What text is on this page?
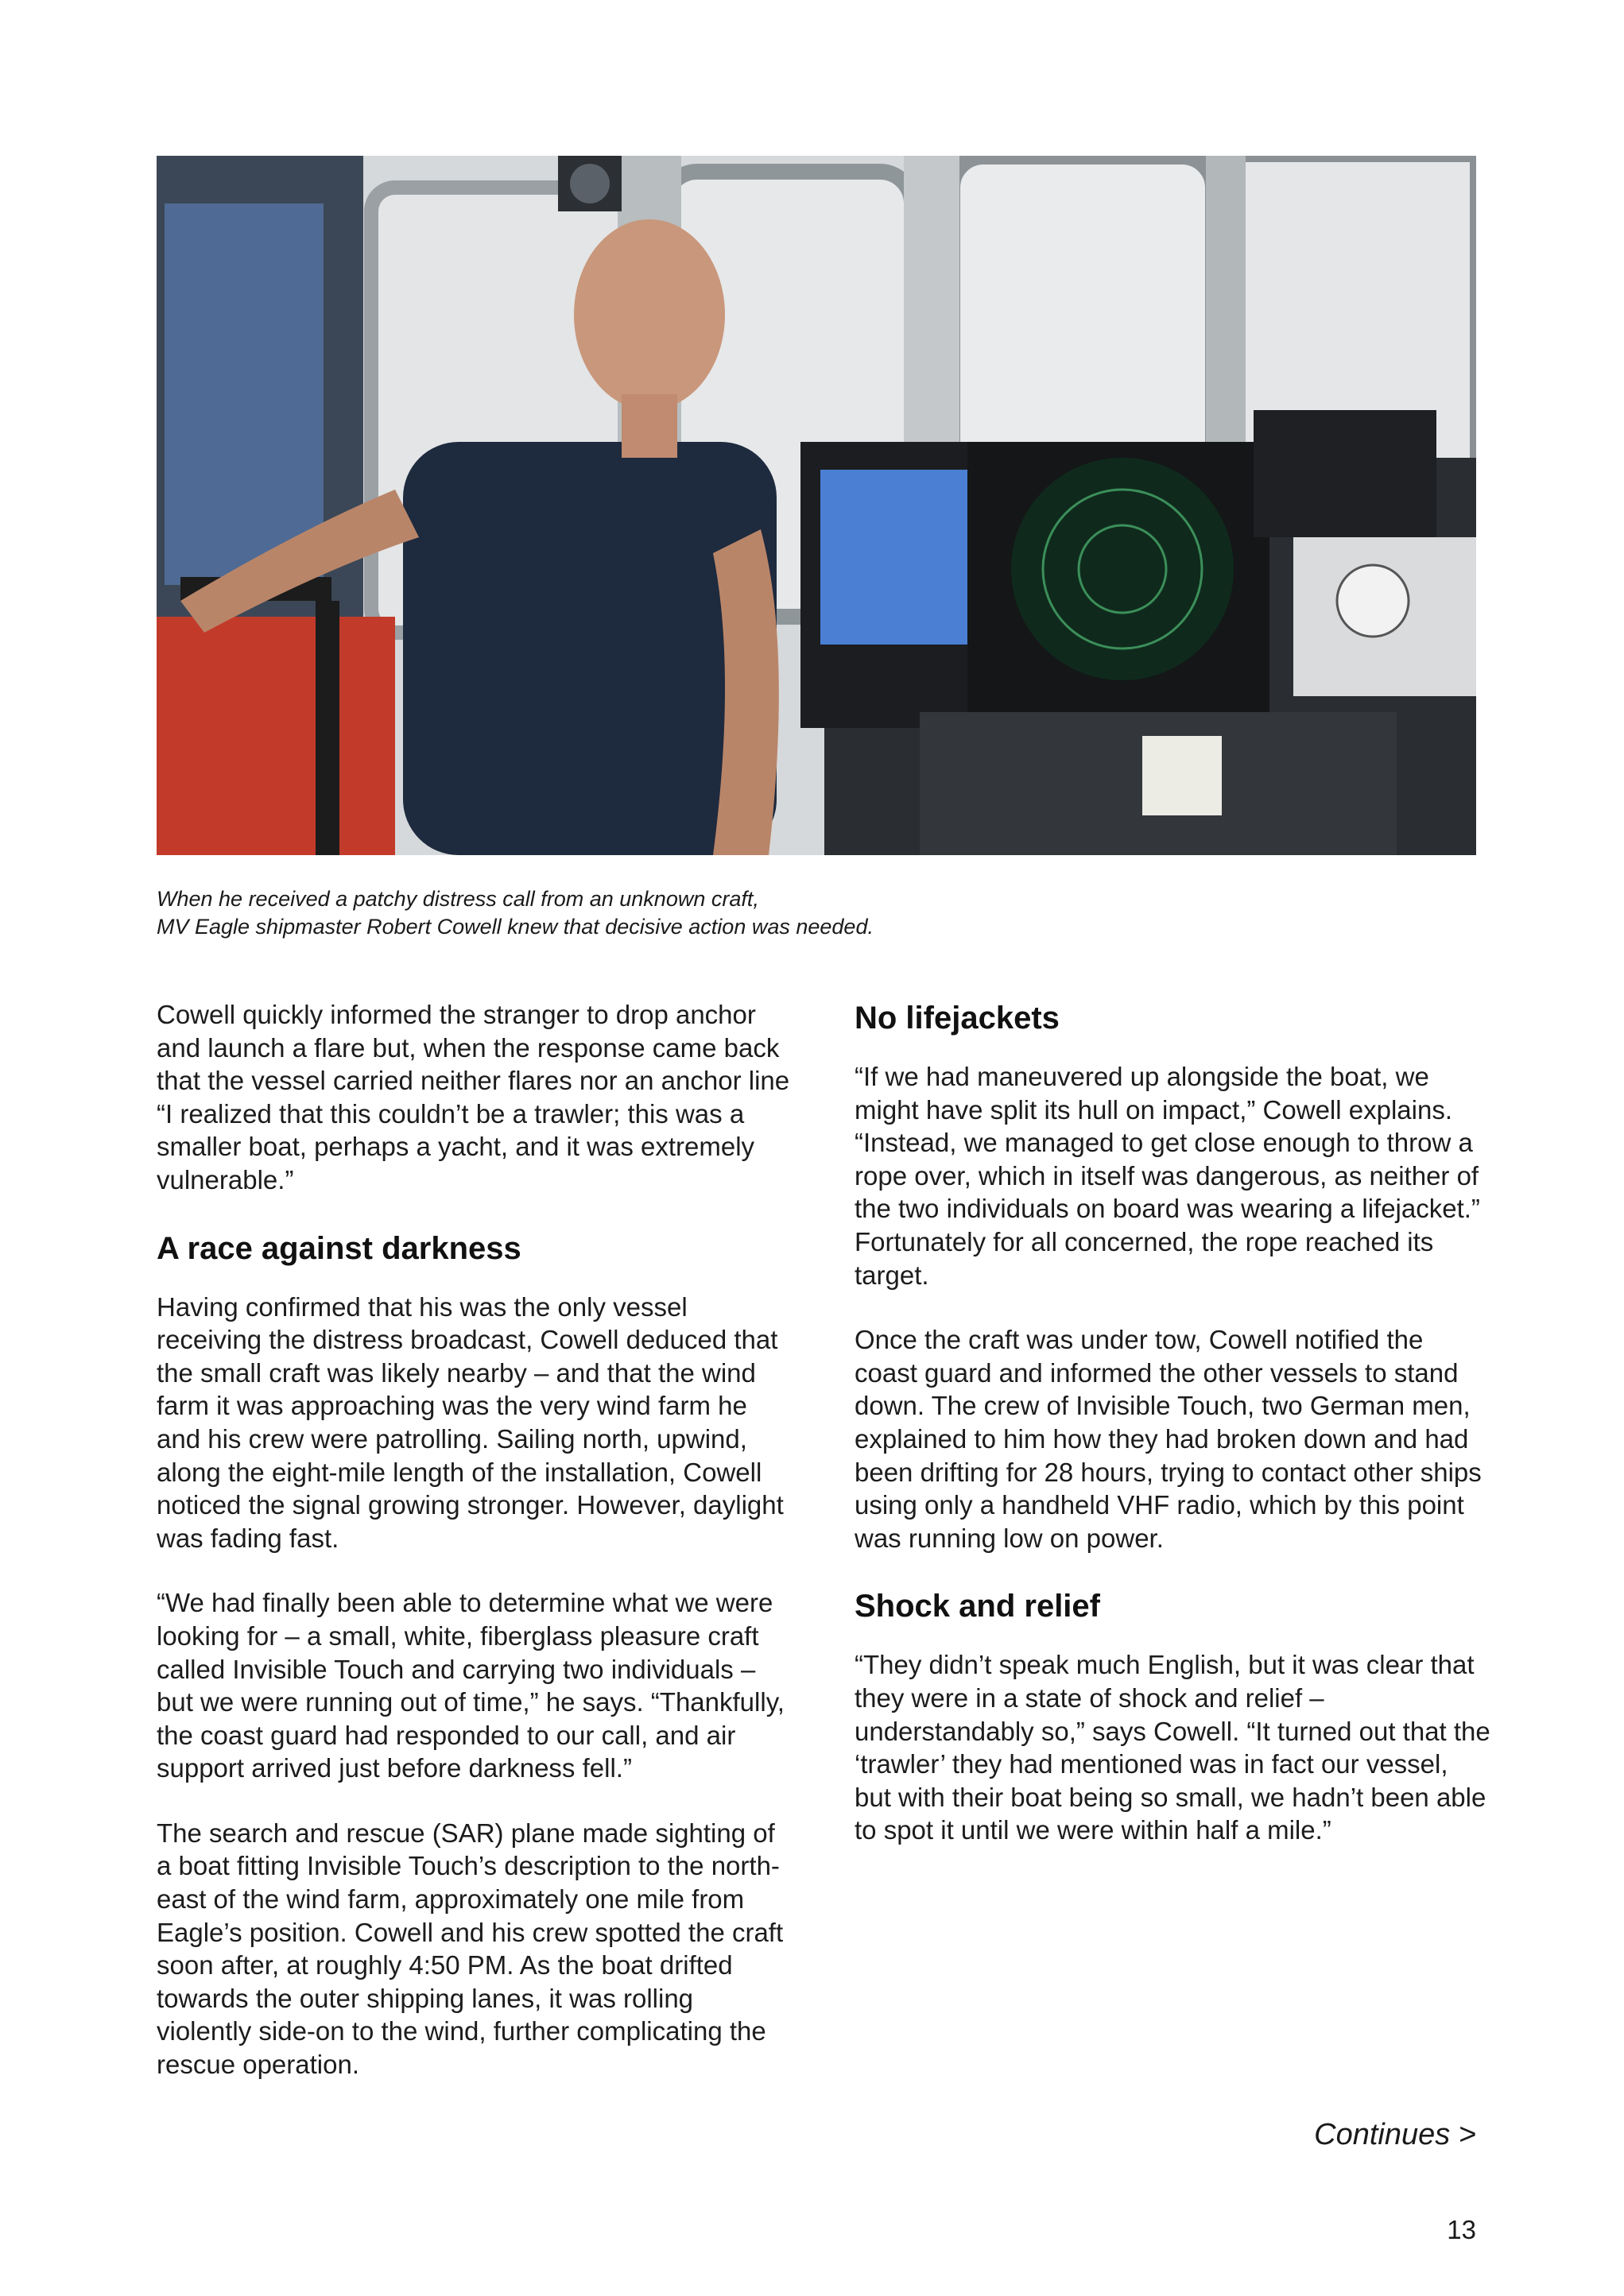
When he received a patchy distress call from an unknown craft,
MV Eagle shipmaster Robert Cowell knew that decisive action was needed.

Cowell quickly informed the stranger to drop anchor and launch a flare but, when the response came back that the vessel carried neither flares nor an anchor line “I realized that this couldn’t be a trawler; this was a smaller boat, perhaps a yacht, and it was extremely vulnerable.”

A race against darkness

Having confirmed that his was the only vessel receiving the distress broadcast, Cowell deduced that the small craft was likely nearby – and that the wind farm it was approaching was the very wind farm he and his crew were patrolling. Sailing north, upwind, along the eight-mile length of the installation, Cowell noticed the signal growing stronger. However, daylight was fading fast.

“We had finally been able to determine what we were looking for – a small, white, fiberglass pleasure craft called Invisible Touch and carrying two individuals – but we were running out of time,” he says. “Thankfully, the coast guard had responded to our call, and air support arrived just before darkness fell.”

The search and rescue (SAR) plane made sighting of a boat fitting Invisible Touch’s description to the north-east of the wind farm, approximately one mile from Eagle’s position. Cowell and his crew spotted the craft soon after, at roughly 4:50 PM. As the boat drifted towards the outer shipping lanes, it was rolling violently side-on to the wind, further complicating the rescue operation.

No lifejackets

“If we had maneuvered up alongside the boat, we might have split its hull on impact,” Cowell explains. “Instead, we managed to get close enough to throw a rope over, which in itself was dangerous, as neither of the two individuals on board was wearing a lifejacket.” Fortunately for all concerned, the rope reached its target.

Once the craft was under tow, Cowell notified the coast guard and informed the other vessels to stand down. The crew of Invisible Touch, two German men, explained to him how they had broken down and had been drifting for 28 hours, trying to contact other ships using only a handheld VHF radio, which by this point was running low on power.

Shock and relief

“They didn’t speak much English, but it was clear that they were in a state of shock and relief – understandably so,” says Cowell. “It turned out that the ‘trawler’ they had mentioned was in fact our vessel, but with their boat being so small, we hadn’t been able to spot it until we were within half a mile.”

Continues >
13
